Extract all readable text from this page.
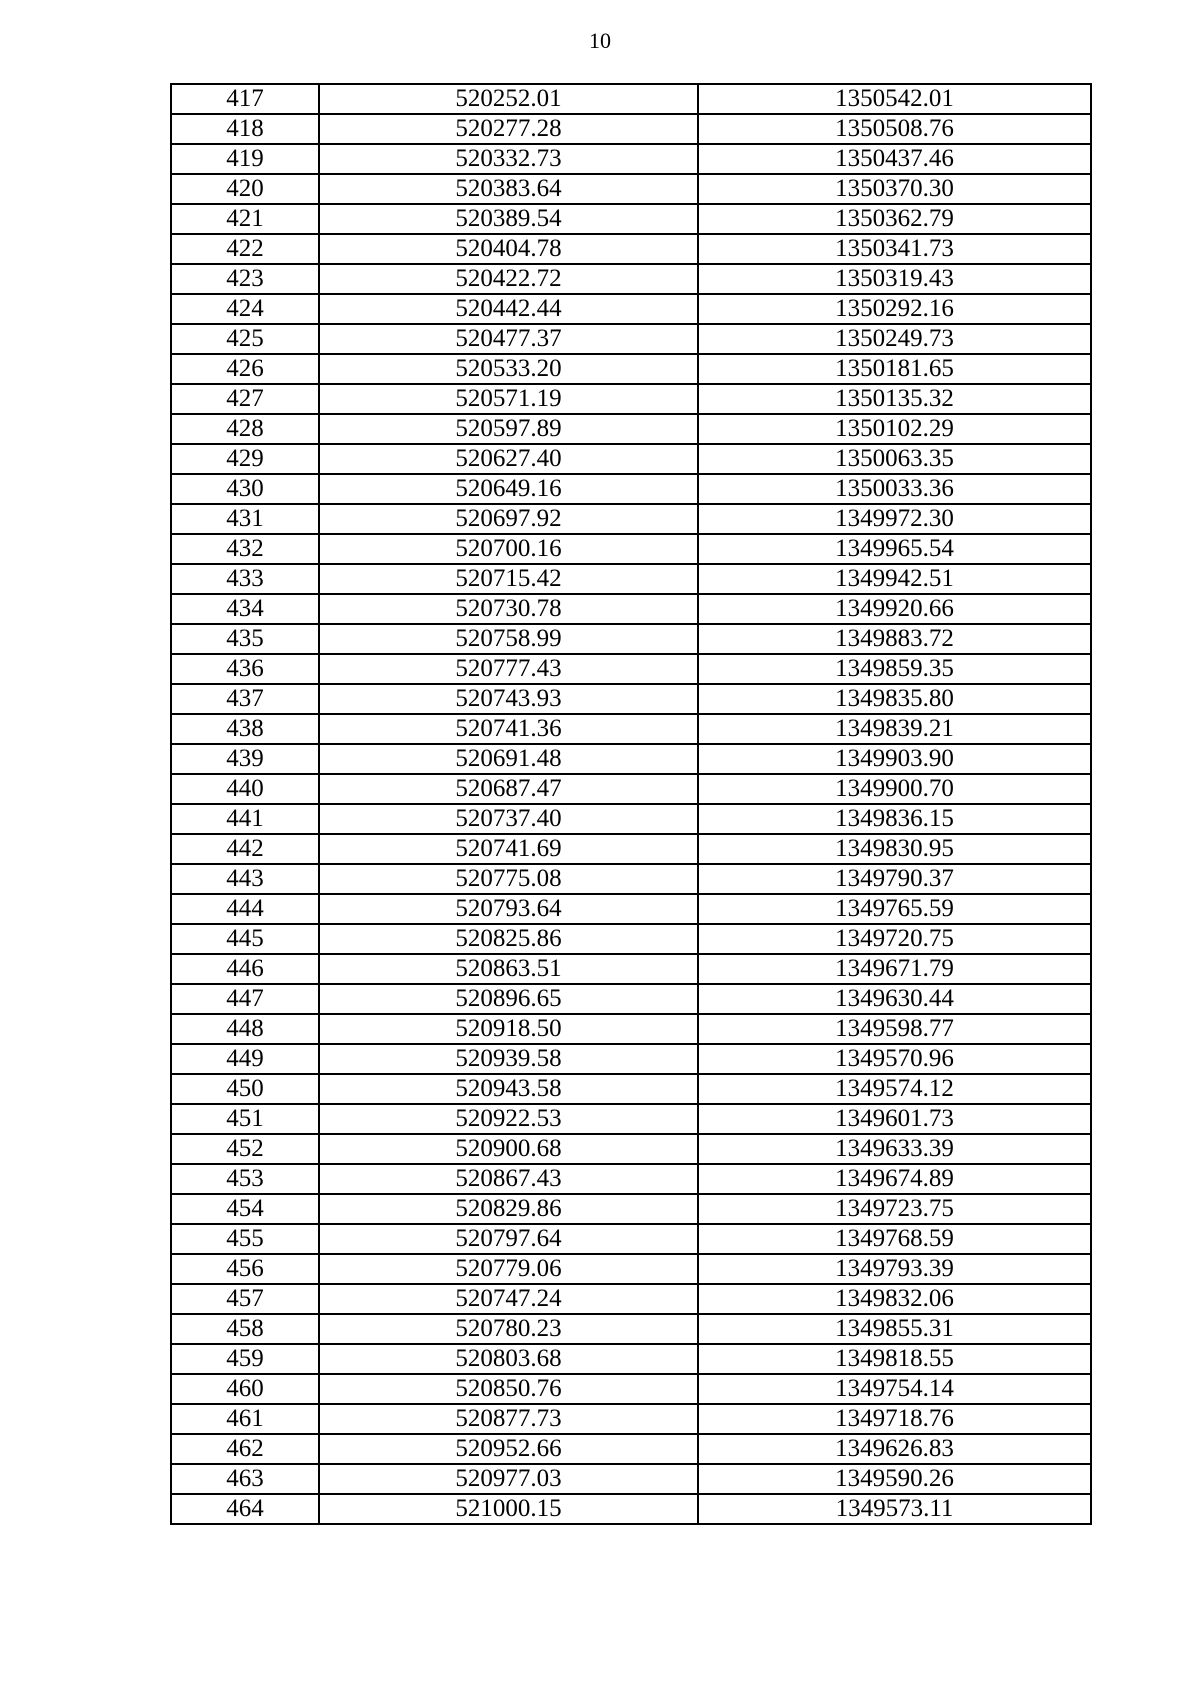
10
417	520252.01	1350542.01
418	520277.28	1350508.76
419	520332.73	1350437.46
420	520383.64	1350370.30
421	520389.54	1350362.79
422	520404.78	1350341.73
423	520422.72	1350319.43
424	520442.44	1350292.16
425	520477.37	1350249.73
426	520533.20	1350181.65
427	520571.19	1350135.32
428	520597.89	1350102.29
429	520627.40	1350063.35
430	520649.16	1350033.36
431	520697.92	1349972.30
432	520700.16	1349965.54
433	520715.42	1349942.51
434	520730.78	1349920.66
435	520758.99	1349883.72
436	520777.43	1349859.35
437	520743.93	1349835.80
438	520741.36	1349839.21
439	520691.48	1349903.90
440	520687.47	1349900.70
441	520737.40	1349836.15
442	520741.69	1349830.95
443	520775.08	1349790.37
444	520793.64	1349765.59
445	520825.86	1349720.75
446	520863.51	1349671.79
447	520896.65	1349630.44
448	520918.50	1349598.77
449	520939.58	1349570.96
450	520943.58	1349574.12
451	520922.53	1349601.73
452	520900.68	1349633.39
453	520867.43	1349674.89
454	520829.86	1349723.75
455	520797.64	1349768.59
456	520779.06	1349793.39
457	520747.24	1349832.06
458	520780.23	1349855.31
459	520803.68	1349818.55
460	520850.76	1349754.14
461	520877.73	1349718.76
462	520952.66	1349626.83
463	520977.03	1349590.26
464	521000.15	1349573.11
